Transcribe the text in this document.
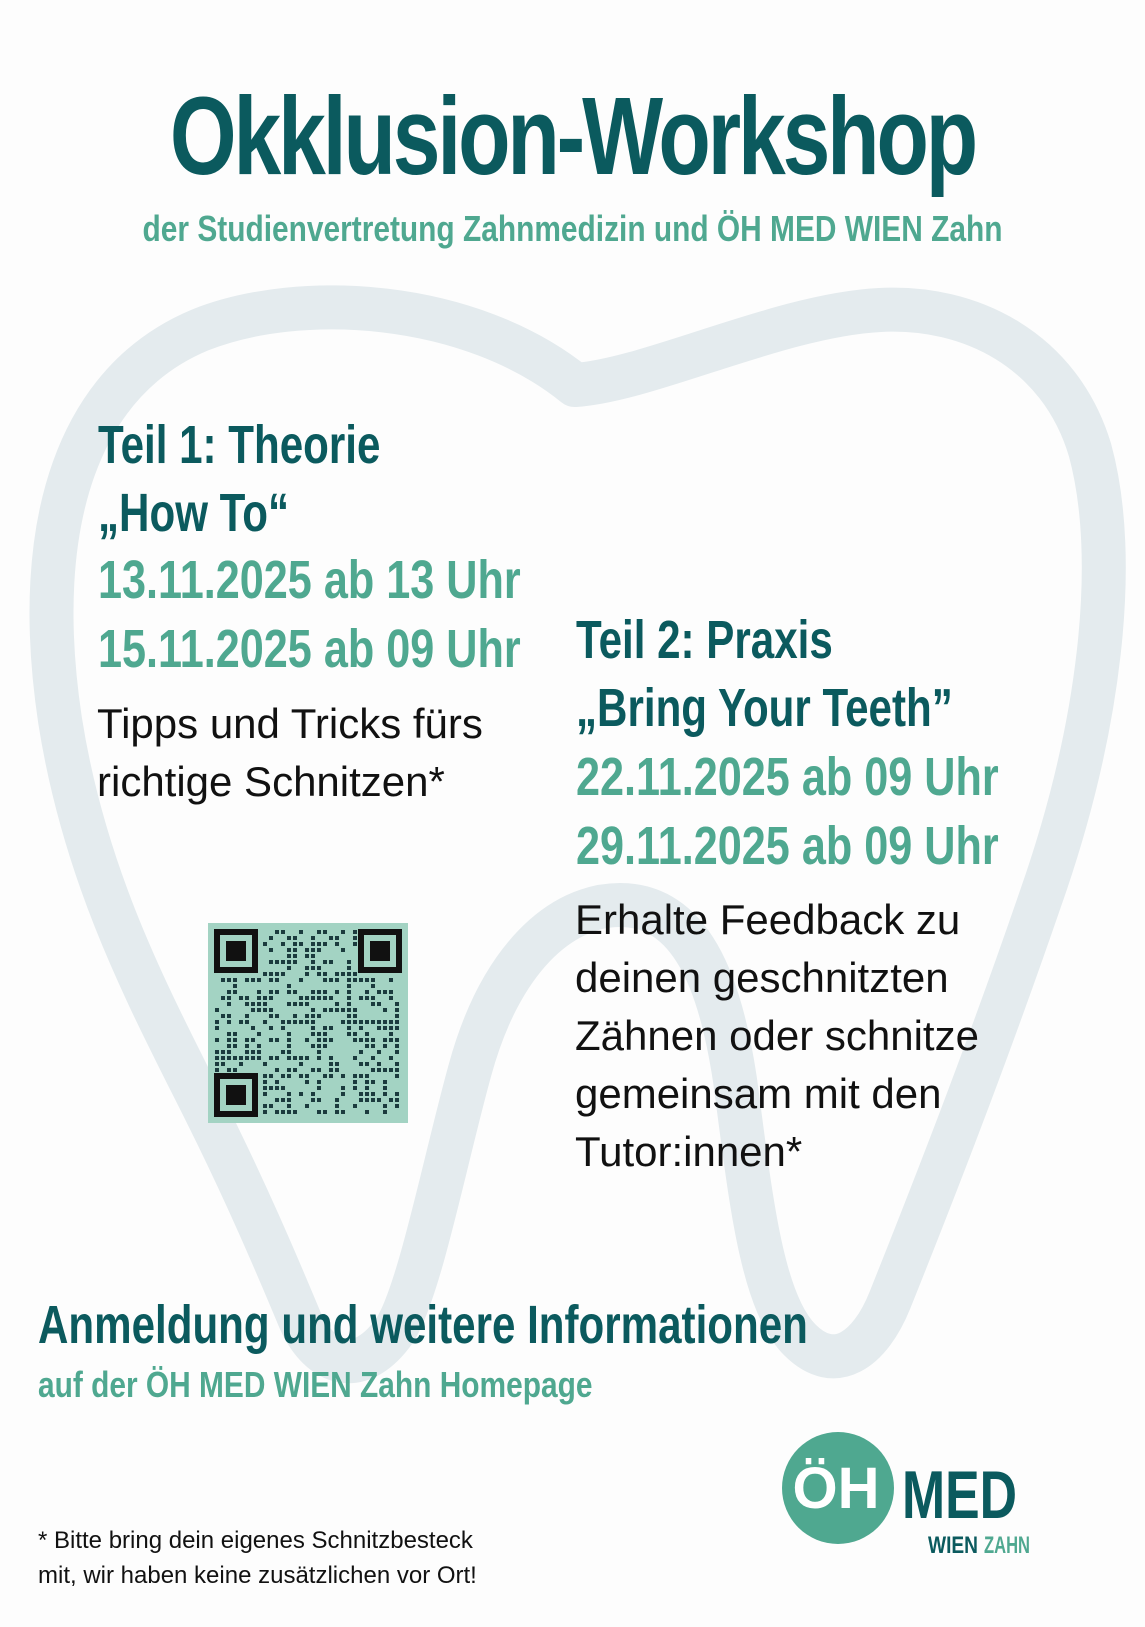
Okklusion-Workshop
der Studienvertretung Zahnmedizin und ÖH MED WIEN Zahn
Teil 1: Theorie
„How To“
13.11.2025 ab 13 Uhr
15.11.2025 ab 09 Uhr
Tipps und Tricks fürs
richtige Schnitzen*
Teil 2: Praxis
„Bring Your Teeth”
22.11.2025 ab 09 Uhr
29.11.2025 ab 09 Uhr
Erhalte Feedback zu
deinen geschnitzten
Zähnen oder schnitze
gemeinsam mit den
Tutor:innen*
Anmeldung und weitere Informationen
auf der ÖH MED WIEN Zahn Homepage
* Bitte bring dein eigenes Schnitzbesteck
mit, wir haben keine zusätzlichen vor Ort!
ÖH MED
WIEN ZAHN
